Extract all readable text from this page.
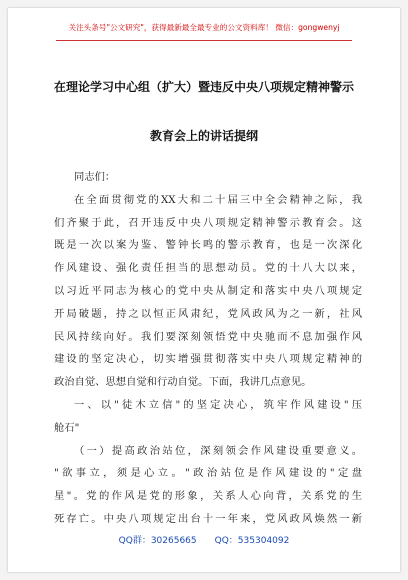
关注头条号"公文研究"，获得最新最全最专业的公文资料库！ 微信：gongwenyj
在理论学习中心组（扩大）暨违反中央八项规定精神警示
教育会上的讲话提纲
同志们：
在全面贯彻党的XX大和二十届三中全会精神之际，我
们齐聚于此，召开违反中央八项规定精神警示教育会。这
既是一次以案为鉴、警钟长鸣的警示教育，也是一次深化
作风建设、强化责任担当的思想动员。党的十八大以来，
以习近平同志为核心的党中央从制定和落实中央八项规定
开局破题，持之以恒正风肃纪，党风政风为之一新，社风
民风持续向好。我们要深刻领悟党中央驰而不息加强作风
建设的坚定决心，切实增强贯彻落实中央八项规定精神的
政治自觉、思想自觉和行动自觉。下面，我讲几点意见。
一、以"徒木立信"的坚定决心，筑牢作风建设"压
舱石"
（一）提高政治站位，深刻领会作风建设重要意义。
"欲事立，须是心立。"政治站位是作风建设的"定盘
星"。党的作风是党的形象，关系人心向背，关系党的生
死存亡。中央八项规定出台十一年来，党风政风焕然一新
QQ群：30265665 QQ：535304092
